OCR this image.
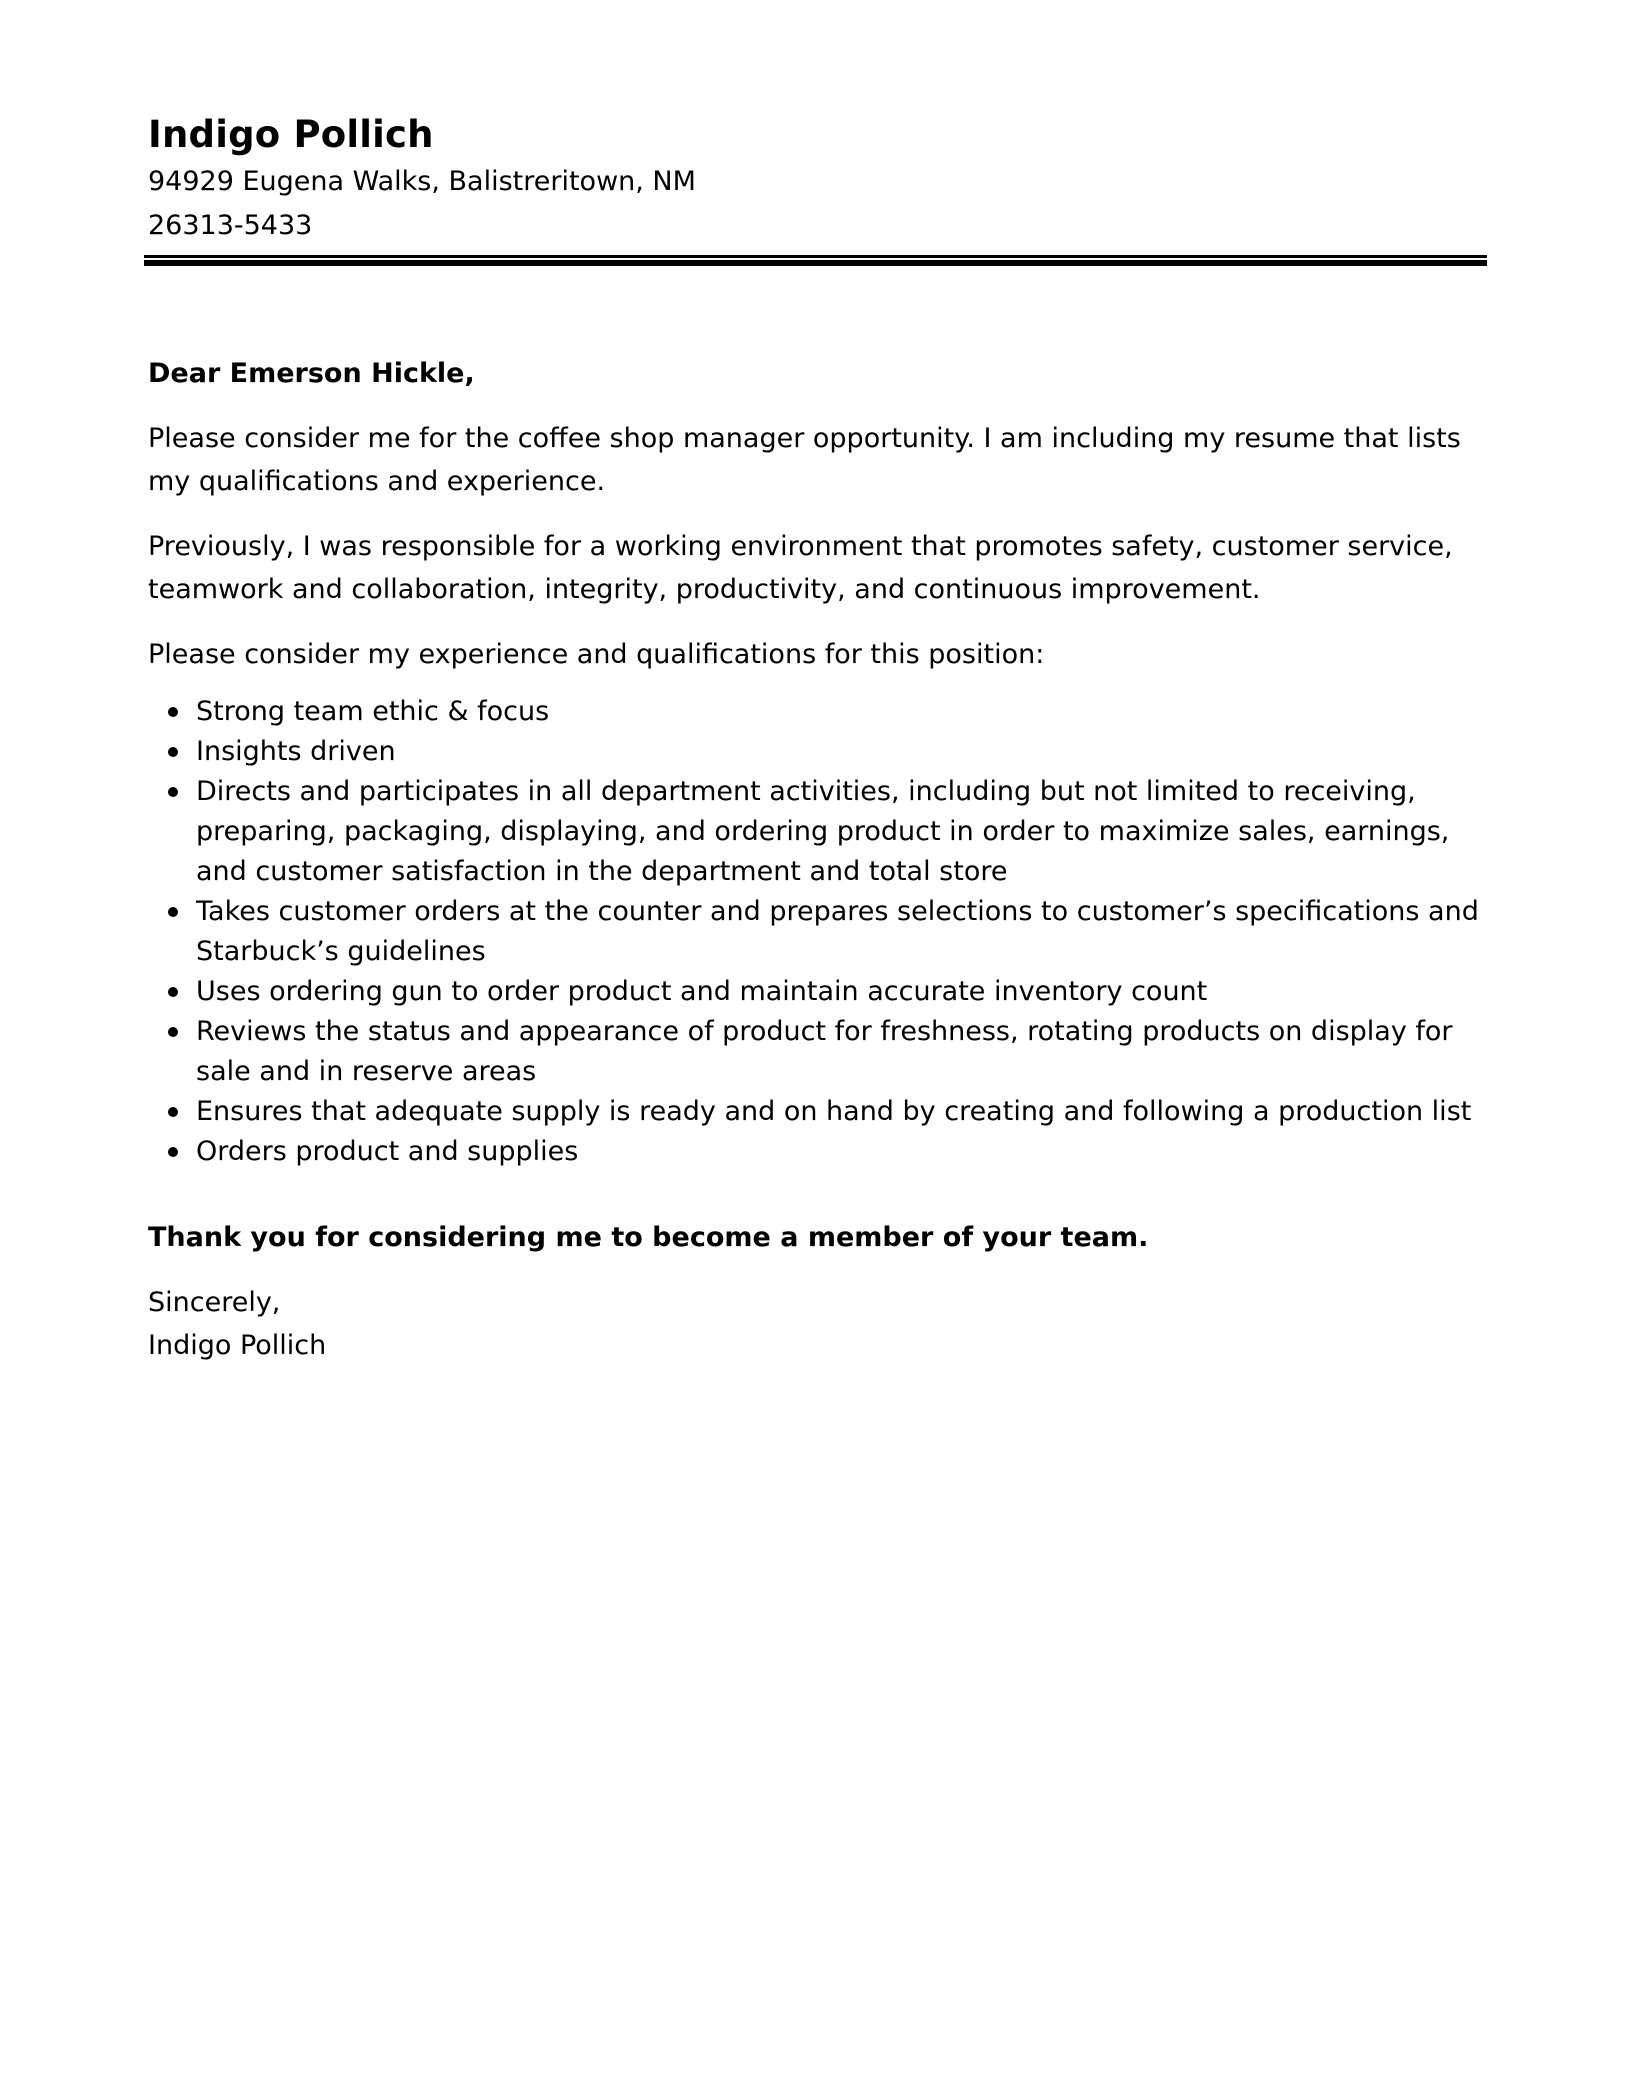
Indigo Pollich
94929 Eugena Walks, Balistreritown, NM 26313-5433

Dear Emerson Hickle,

Please consider me for the coffee shop manager opportunity. I am including my resume that lists my qualifications and experience.

Previously, I was responsible for a working environment that promotes safety, customer service, teamwork and collaboration, integrity, productivity, and continuous improvement.

Please consider my experience and qualifications for this position:

Strong team ethic & focus
Insights driven
Directs and participates in all department activities, including but not limited to receiving, preparing, packaging, displaying, and ordering product in order to maximize sales, earnings, and customer satisfaction in the department and total store
Takes customer orders at the counter and prepares selections to customer’s specifications and Starbuck’s guidelines
Uses ordering gun to order product and maintain accurate inventory count
Reviews the status and appearance of product for freshness, rotating products on display for sale and in reserve areas
Ensures that adequate supply is ready and on hand by creating and following a production list
Orders product and supplies

Thank you for considering me to become a member of your team.

Sincerely,

Indigo Pollich
